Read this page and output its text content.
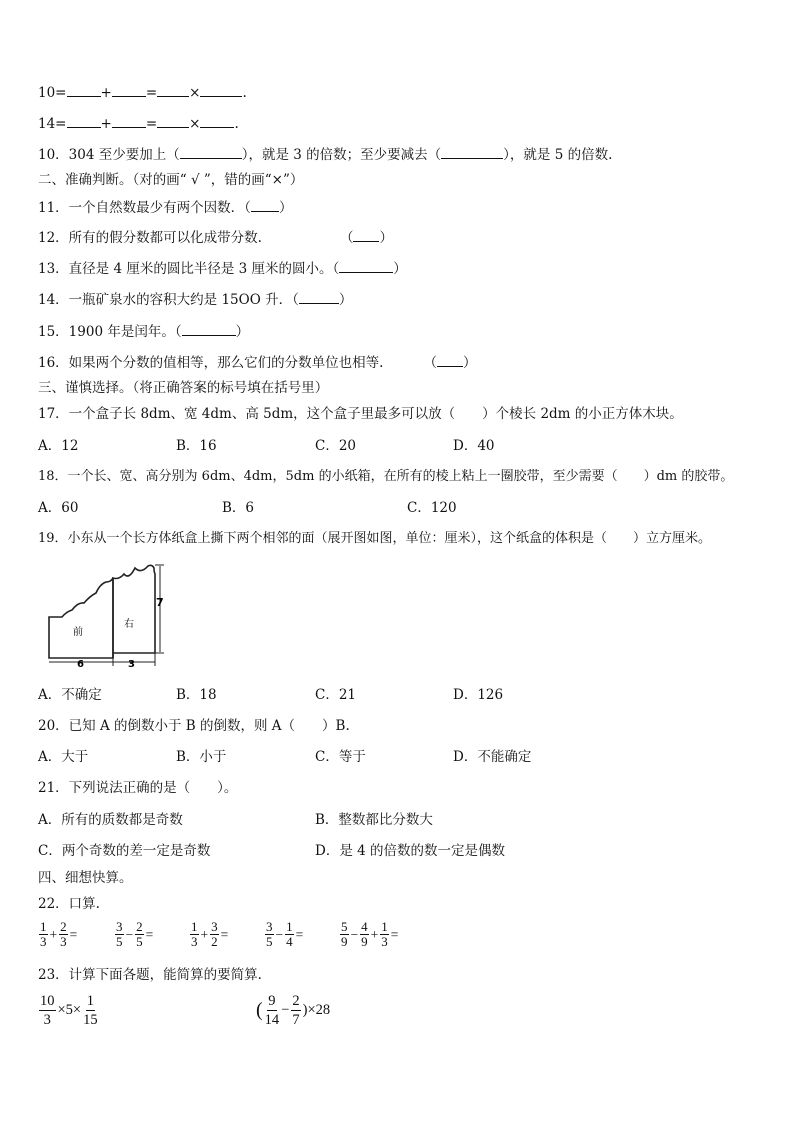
10=	+	= ×	.
14=	+	= ×	.
10．304 至少要加上（	），就是 3 的倍数；至少要减去（	），就是 5 的倍数.
二、准确判断。（对的画“ √ ”，错的画“×”）
11．一个自然数最少有两个因数．（ ）
12．所有的假分数都可以化成带分数.	（ ）
13．直径是 4 厘米的圆比半径是 3 厘米的圆小。（	）
14．一瓶矿泉水的容积大约是 15OO 升．（	）
15．1900 年是闰年。（	）
16．如果两个分数的值相等，那么它们的分数单位也相等.	（ ）
三、谨慎选择。（将正确答案的标号填在括号里）
17．一个盒子长 8dm、宽 4dm、高 5dm，这个盒子里最多可以放（　　）个棱长 2dm 的小正方体木块。
A．12	B．16	C．20	D．40
18．一个长、宽、高分别为 6dm、4dm，5dm 的小纸箱，在所有的棱上粘上一圈胶带，至少需要（　　）dm 的胶带。
A．60	B．6	C．120
19．小东从一个长方体纸盒上撕下两个相邻的面（展开图如图，单位：厘米），这个纸盒的体积是（　　）立方厘米。
前
右
6	3
7
A．不确定	B．18	C．21	D．126
20．已知 A 的倒数小于 B 的倒数，则 A（　　）B.
A．大于	B．小于	C．等于	D．不能确定
21．下列说法正确的是（　　）。
A．所有的质数都是奇数	B．整数都比分数大
C．两个奇数的差一定是奇数	D．是 4 的倍数的数一定是偶数
四、细想快算。
22．口算.
$\frac{1}{3} + \frac{2}{3}$ =	$\frac{3}{5} - \frac{2}{5}$ =	$\frac{1}{3} + \frac{3}{2}$ =	$\frac{3}{5} - \frac{1}{4}$ =	$\frac{5}{9} - \frac{4}{9} + \frac{1}{3}$ =
23．计算下面各题，能简算的要简算.
$\frac{10}{3} \times 5\times \frac{1}{15}$	( $\frac{9}{14} - \frac{2}{7} )\times 28$
